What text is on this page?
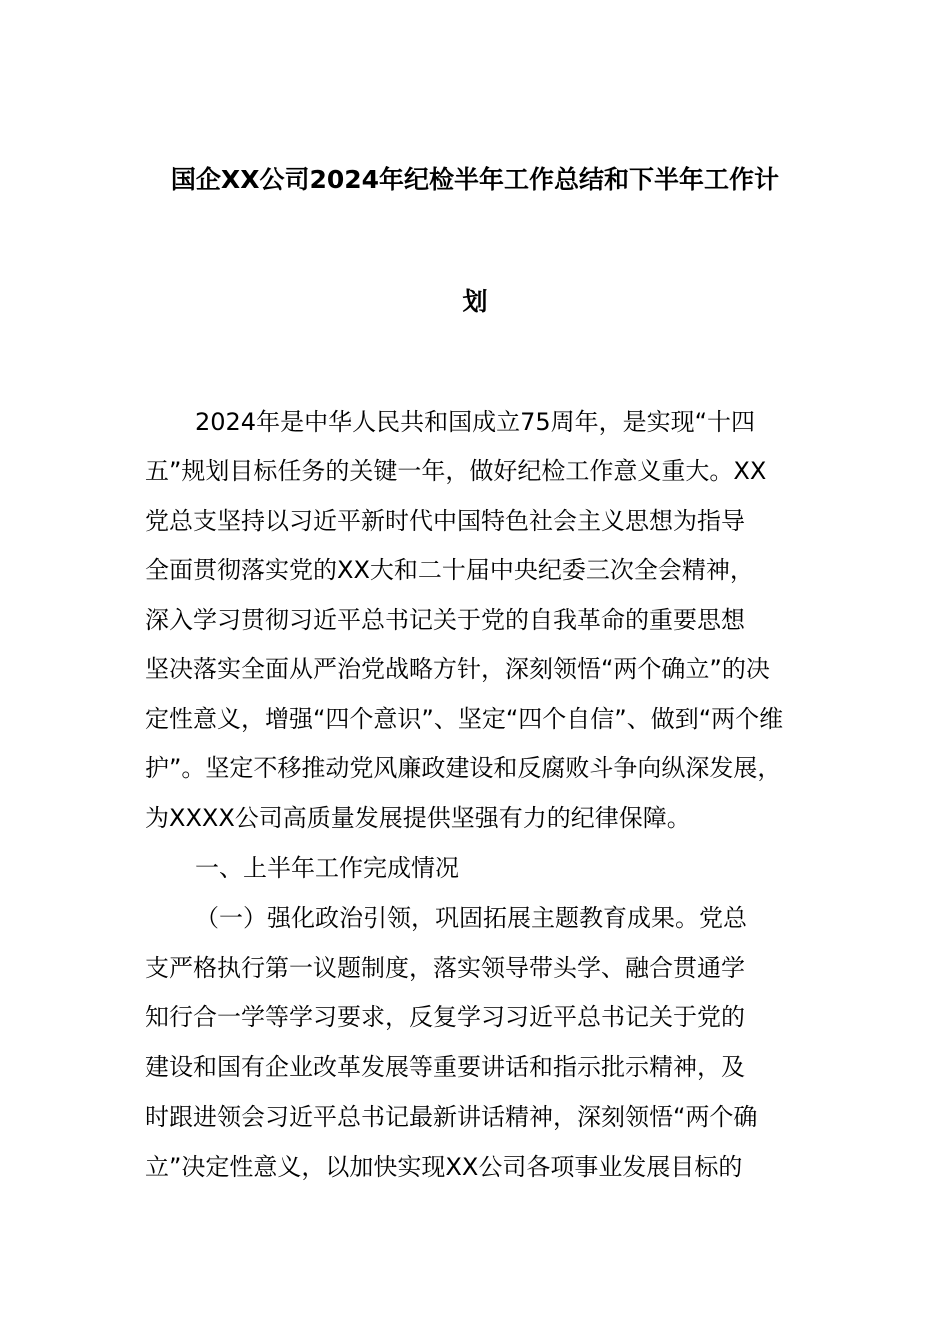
国企XX公司2024年纪检半年工作总结和下半年工作计
划
2024年是中华人民共和国成立75周年，是实现“十四
五”规划目标任务的关键一年，做好纪检工作意义重大。XX
党总支坚持以习近平新时代中国特色社会主义思想为指导
全面贯彻落实党的XX大和二十届中央纪委三次全会精神，
深入学习贯彻习近平总书记关于党的自我革命的重要思想
坚决落实全面从严治党战略方针，深刻领悟“两个确立”的决
定性意义，增强“四个意识”、坚定“四个自信”、做到“两个维
护”。坚定不移推动党风廉政建设和反腐败斗争向纵深发展，
为XXXX公司高质量发展提供坚强有力的纪律保障。
一、上半年工作完成情况
（一）强化政治引领，巩固拓展主题教育成果。党总
支严格执行第一议题制度，落实领导带头学、融合贯通学
知行合一学等学习要求，反复学习习近平总书记关于党的
建设和国有企业改革发展等重要讲话和指示批示精神，及
时跟进领会习近平总书记最新讲话精神，深刻领悟“两个确
立”决定性意义，以加快实现XX公司各项事业发展目标的
